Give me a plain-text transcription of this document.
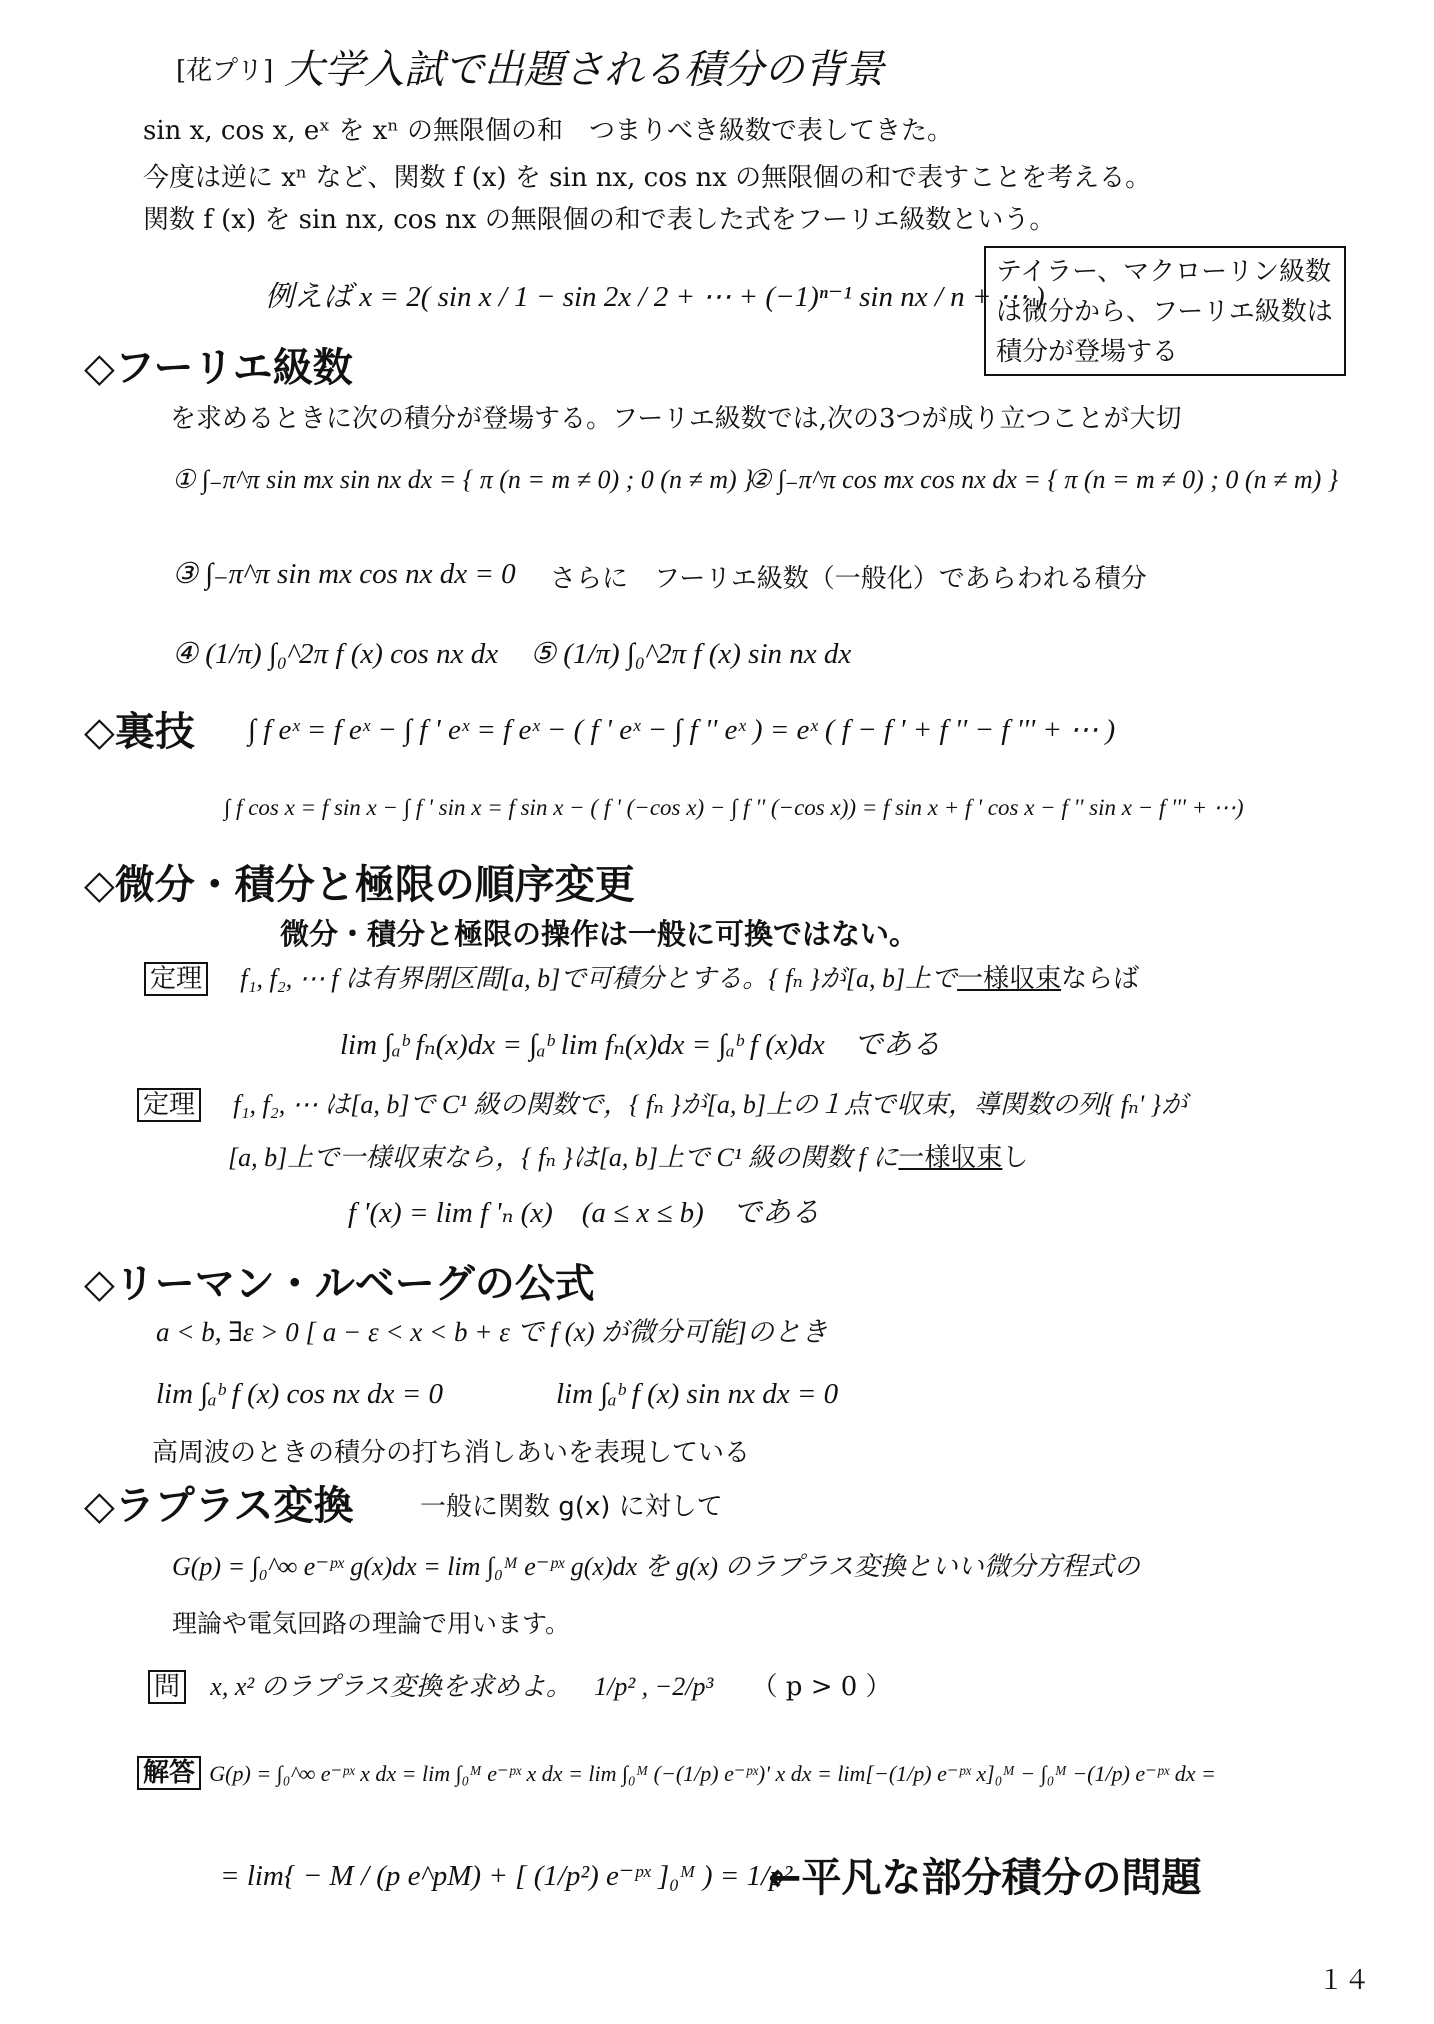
[花プリ] 大学入試で出題される積分の背景
sin x, cos x, eˣ を xⁿ の無限個の和　つまりべき級数で表してきた。
今度は逆に xⁿ など、関数 f (x) を sin nx, cos nx の無限個の和で表すことを考える。
関数 f (x) を sin nx, cos nx の無限個の和で表した式をフーリエ級数という。
例えば x = 2( sin x / 1 − sin 2x / 2 + ⋯ + (−1)ⁿ⁻¹ sin nx / n + ⋯ )
テイラー、マクローリン級数は微分から、フーリエ級数は積分が登場する
◇フーリエ級数
を求めるときに次の積分が登場する。フーリエ級数では,次の3つが成り立つことが大切
① ∫₋π^π sin mx sin nx dx = { π (n = m ≠ 0) ; 0 (n ≠ m) }
② ∫₋π^π cos mx cos nx dx = { π (n = m ≠ 0) ; 0 (n ≠ m) }
③ ∫₋π^π sin mx cos nx dx = 0 さらに　フーリエ級数（一般化）であらわれる積分
④ (1/π) ∫₀^2π f (x) cos nx dx ⑤ (1/π) ∫₀^2π f (x) sin nx dx
◇裏技 ∫ f eˣ = f eˣ − ∫ f ' eˣ = f eˣ − ( f ' eˣ − ∫ f '' eˣ ) = eˣ ( f − f ' + f '' − f ''' + ⋯ )
∫ f cos x = f sin x − ∫ f ' sin x = f sin x − ( f ' (−cos x) − ∫ f '' (−cos x)) = f sin x + f ' cos x − f '' sin x − f ''' + ⋯)
◇微分・積分と極限の順序変更
微分・積分と極限の操作は一般に可換ではない。
定理 f₁, f₂, ⋯ f は有界閉区間[a, b]で可積分とする。{ fₙ }が[a, b]上で一様収束ならば
lim ∫ₐᵇ fₙ(x)dx = ∫ₐᵇ lim fₙ(x)dx = ∫ₐᵇ f (x)dx　である
定理 f₁, f₂, ⋯ は[a, b]で C¹ 級の関数で，{ fₙ }が[a, b]上の１点で収束，導関数の列{ fₙ' }が
[a, b]上で一様収束なら，{ fₙ }は[a, b]上で C¹ 級の関数 f に一様収束し
f '(x) = lim f 'ₙ (x)　(a ≤ x ≤ b)　である
◇リーマン・ルベーグの公式
a < b, ∃ε > 0 [ a − ε < x < b + ε で f (x) が微分可能]のとき
lim ∫ₐᵇ f (x) cos nx dx = 0	lim ∫ₐᵇ f (x) sin nx dx = 0
高周波のときの積分の打ち消しあいを表現している
◇ラプラス変換	一般に関数 g(x) に対して
G(p) = ∫₀^∞ e⁻ᵖˣ g(x)dx = lim ∫₀ᴹ e⁻ᵖˣ g(x)dx を g(x) のラプラス変換といい微分方程式の
理論や電気回路の理論で用います。
問 x, x² のラプラス変換を求めよ。 1/p² , −2/p³ （ p > 0 ）
解答 G(p) = ∫₀^∞ e⁻ᵖˣ x dx = lim ∫₀ᴹ e⁻ᵖˣ x dx = lim ∫₀ᴹ (−(1/p) e⁻ᵖˣ)' x dx = lim[−(1/p) e⁻ᵖˣ x]₀ᴹ − ∫₀ᴹ −(1/p) e⁻ᵖˣ dx =
= lim{ − M / (p e^pM) + [ (1/p²) e⁻ᵖˣ ]₀ᴹ ) = 1/p²
←平凡な部分積分の問題
１４
